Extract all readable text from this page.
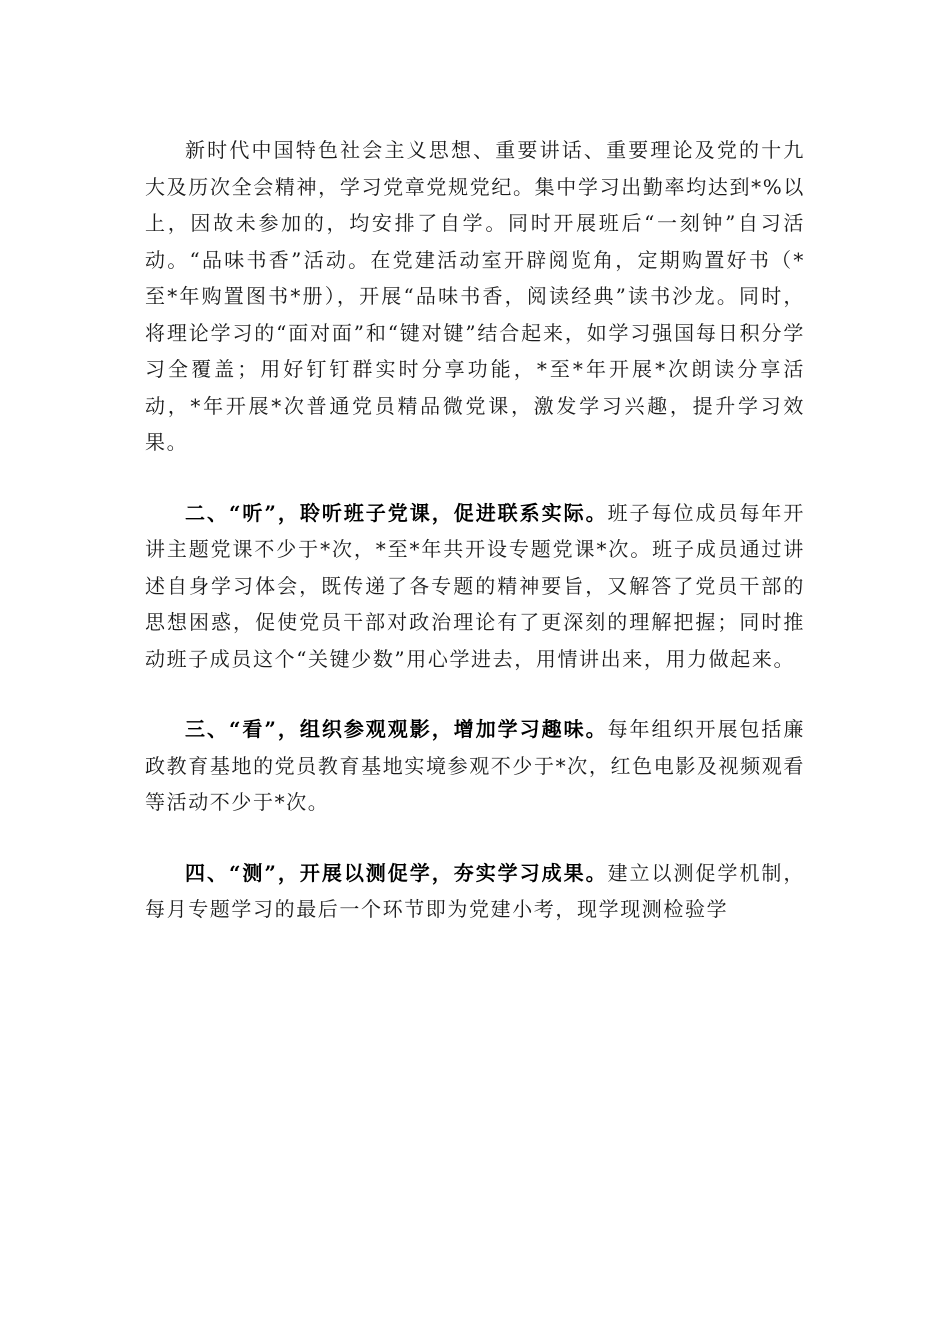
新时代中国特色社会主义思想、重要讲话、重要理论及党的十九大及历次全会精神，学习党章党规党纪。集中学习出勤率均达到*%以上，因故未参加的，均安排了自学。同时开展班后“一刻钟”自习活动。“品味书香”活动。在党建活动室开辟阅览角，定期购置好书（*至*年购置图书*册），开展“品味书香，阅读经典”读书沙龙。同时，将理论学习的“面对面”和“键对键”结合起来，如学习强国每日积分学习全覆盖；用好钉钉群实时分享功能，*至*年开展*次朗读分享活动，*年开展*次普通党员精品微党课，激发学习兴趣，提升学习效果。

二、“听”，聆听班子党课，促进联系实际。班子每位成员每年开讲主题党课不少于*次，*至*年共开设专题党课*次。班子成员通过讲述自身学习体会，既传递了各专题的精神要旨，又解答了党员干部的思想困惑，促使党员干部对政治理论有了更深刻的理解把握；同时推动班子成员这个“关键少数”用心学进去，用情讲出来，用力做起来。

三、“看”，组织参观观影，增加学习趣味。每年组织开展包括廉政教育基地的党员教育基地实境参观不少于*次，红色电影及视频观看等活动不少于*次。

四、“测”，开展以测促学，夯实学习成果。建立以测促学机制，每月专题学习的最后一个环节即为党建小考，现学现测检验学
